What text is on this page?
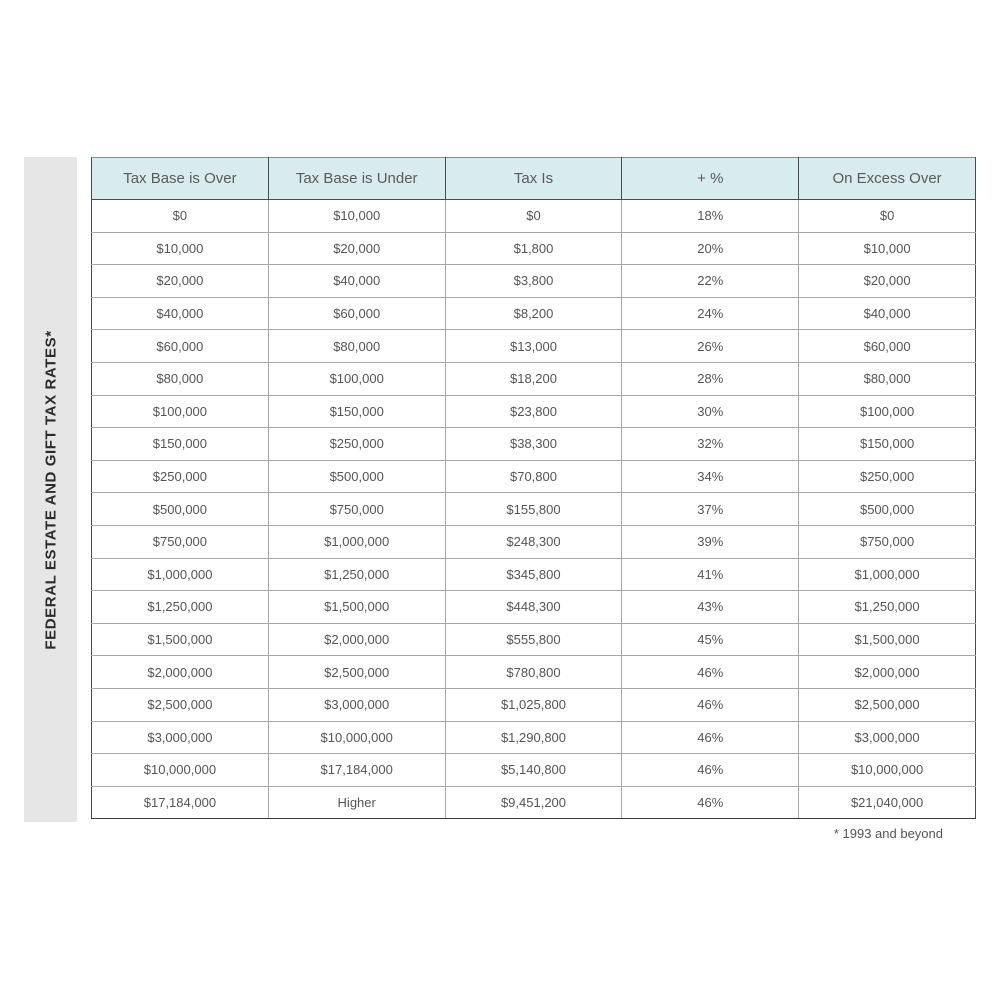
FEDERAL ESTATE AND GIFT TAX RATES*
Tax Base is Over	Tax Base is Under	Tax Is	+ %	On Excess Over
$0	$10,000	$0	18%	$0
$10,000	$20,000	$1,800	20%	$10,000
$20,000	$40,000	$3,800	22%	$20,000
$40,000	$60,000	$8,200	24%	$40,000
$60,000	$80,000	$13,000	26%	$60,000
$80,000	$100,000	$18,200	28%	$80,000
$100,000	$150,000	$23,800	30%	$100,000
$150,000	$250,000	$38,300	32%	$150,000
$250,000	$500,000	$70,800	34%	$250,000
$500,000	$750,000	$155,800	37%	$500,000
$750,000	$1,000,000	$248,300	39%	$750,000
$1,000,000	$1,250,000	$345,800	41%	$1,000,000
$1,250,000	$1,500,000	$448,300	43%	$1,250,000
$1,500,000	$2,000,000	$555,800	45%	$1,500,000
$2,000,000	$2,500,000	$780,800	46%	$2,000,000
$2,500,000	$3,000,000	$1,025,800	46%	$2,500,000
$3,000,000	$10,000,000	$1,290,800	46%	$3,000,000
$10,000,000	$17,184,000	$5,140,800	46%	$10,000,000
$17,184,000	Higher	$9,451,200	46%	$21,040,000
* 1993 and beyond
